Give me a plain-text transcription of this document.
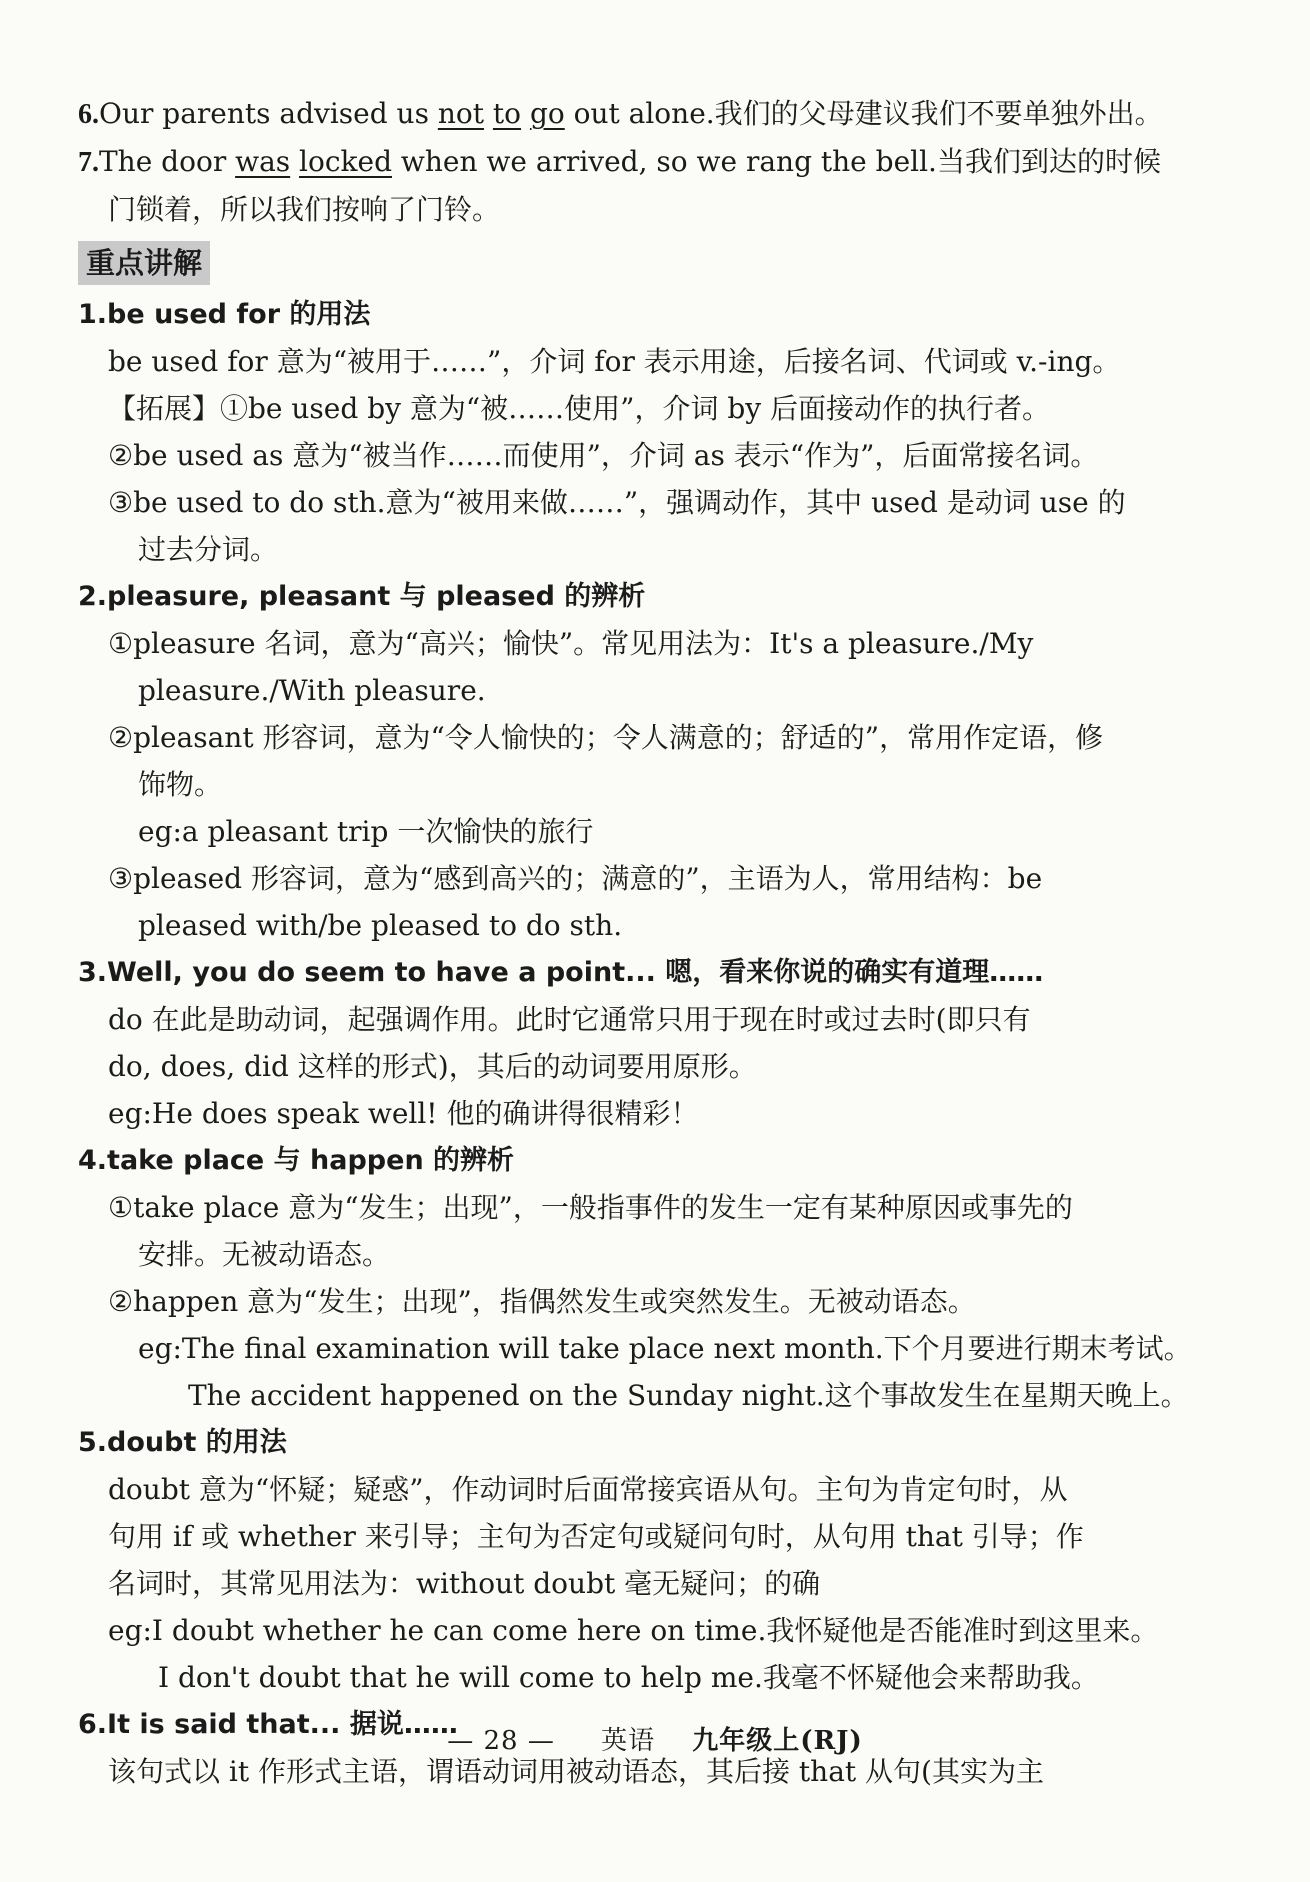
6.Our parents advised us not to go out alone.我们的父母建议我们不要单独外出。

7.The door was locked when we arrived, so we rang the bell.当我们到达的时候

门锁着，所以我们按响了门铃。

重点讲解

1.be used for 的用法

be used for 意为“被用于……”，介词 for 表示用途，后接名词、代词或 v.-ing。

【拓展】①be used by 意为“被……使用”，介词 by 后面接动作的执行者。

②be used as 意为“被当作……而使用”，介词 as 表示“作为”，后面常接名词。

③be used to do sth.意为“被用来做……”，强调动作，其中 used 是动词 use 的

过去分词。

2.pleasure, pleasant 与 pleased 的辨析

①pleasure 名词，意为“高兴；愉快”。常见用法为：It's a pleasure./My

pleasure./With pleasure.

②pleasant 形容词，意为“令人愉快的；令人满意的；舒适的”，常用作定语，修

饰物。

eg:a pleasant trip 一次愉快的旅行

③pleased 形容词，意为“感到高兴的；满意的”，主语为人，常用结构：be

pleased with/be pleased to do sth.

3.Well, you do seem to have a point... 嗯，看来你说的确实有道理……

do 在此是助动词，起强调作用。此时它通常只用于现在时或过去时(即只有

do, does, did 这样的形式)，其后的动词要用原形。

eg:He does speak well! 他的确讲得很精彩！

4.take place 与 happen 的辨析

①take place 意为“发生；出现”，一般指事件的发生一定有某种原因或事先的

安排。无被动语态。

②happen 意为“发生；出现”，指偶然发生或突然发生。无被动语态。

eg:The final examination will take place next month.下个月要进行期末考试。

The accident happened on the Sunday night.这个事故发生在星期天晚上。

5.doubt 的用法

doubt 意为“怀疑；疑惑”，作动词时后面常接宾语从句。主句为肯定句时，从

句用 if 或 whether 来引导；主句为否定句或疑问句时，从句用 that 引导；作

名词时，其常见用法为：without doubt 毫无疑问；的确

eg:I doubt whether he can come here on time.我怀疑他是否能准时到这里来。

I don't doubt that he will come to help me.我毫不怀疑他会来帮助我。

6.It is said that... 据说……

该句式以 it 作形式主语，谓语动词用被动语态，其后接 that 从句(其实为主

— 28 — 英语 九年级上(RJ)
